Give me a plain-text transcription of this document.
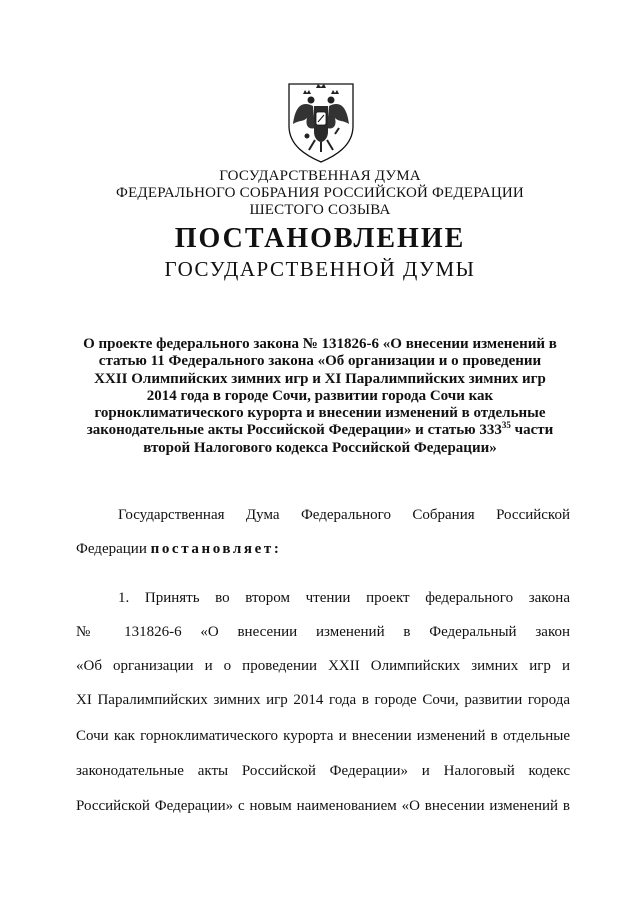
ГОСУДАРСТВЕННАЯ ДУМА
ФЕДЕРАЛЬНОГО СОБРАНИЯ РОССИЙСКОЙ ФЕДЕРАЦИИ
ШЕСТОГО СОЗЫВА
ПОСТАНОВЛЕНИЕ
ГОСУДАРСТВЕННОЙ ДУМЫ
О проекте федерального закона № 131826-6 «О внесении изменений в
статью 11 Федерального закона «Об организации и о проведении
XXII Олимпийских зимних игр и XI Паралимпийских зимних игр
2014 года в городе Сочи, развитии города Сочи как
горноклиматического курорта и внесении изменений в отдельные
законодательные акты Российской Федерации» и статью $333^{35}$ части
второй Налогового кодекса Российской Федерации»
Государственная Дума Федерального Собрания Российской
Федерации постановляет:
1. Принять во втором чтении проект федерального закона
№ 131826-6 «О внесении изменений в Федеральный закон
«Об организации и о проведении XXII Олимпийских зимних игр и
XI Паралимпийских зимних игр 2014 года в городе Сочи, развитии города
Сочи как горноклиматического курорта и внесении изменений в отдельные
законодательные акты Российской Федерации» и Налоговый кодекс
Российской Федерации» с новым наименованием «О внесении изменений в
